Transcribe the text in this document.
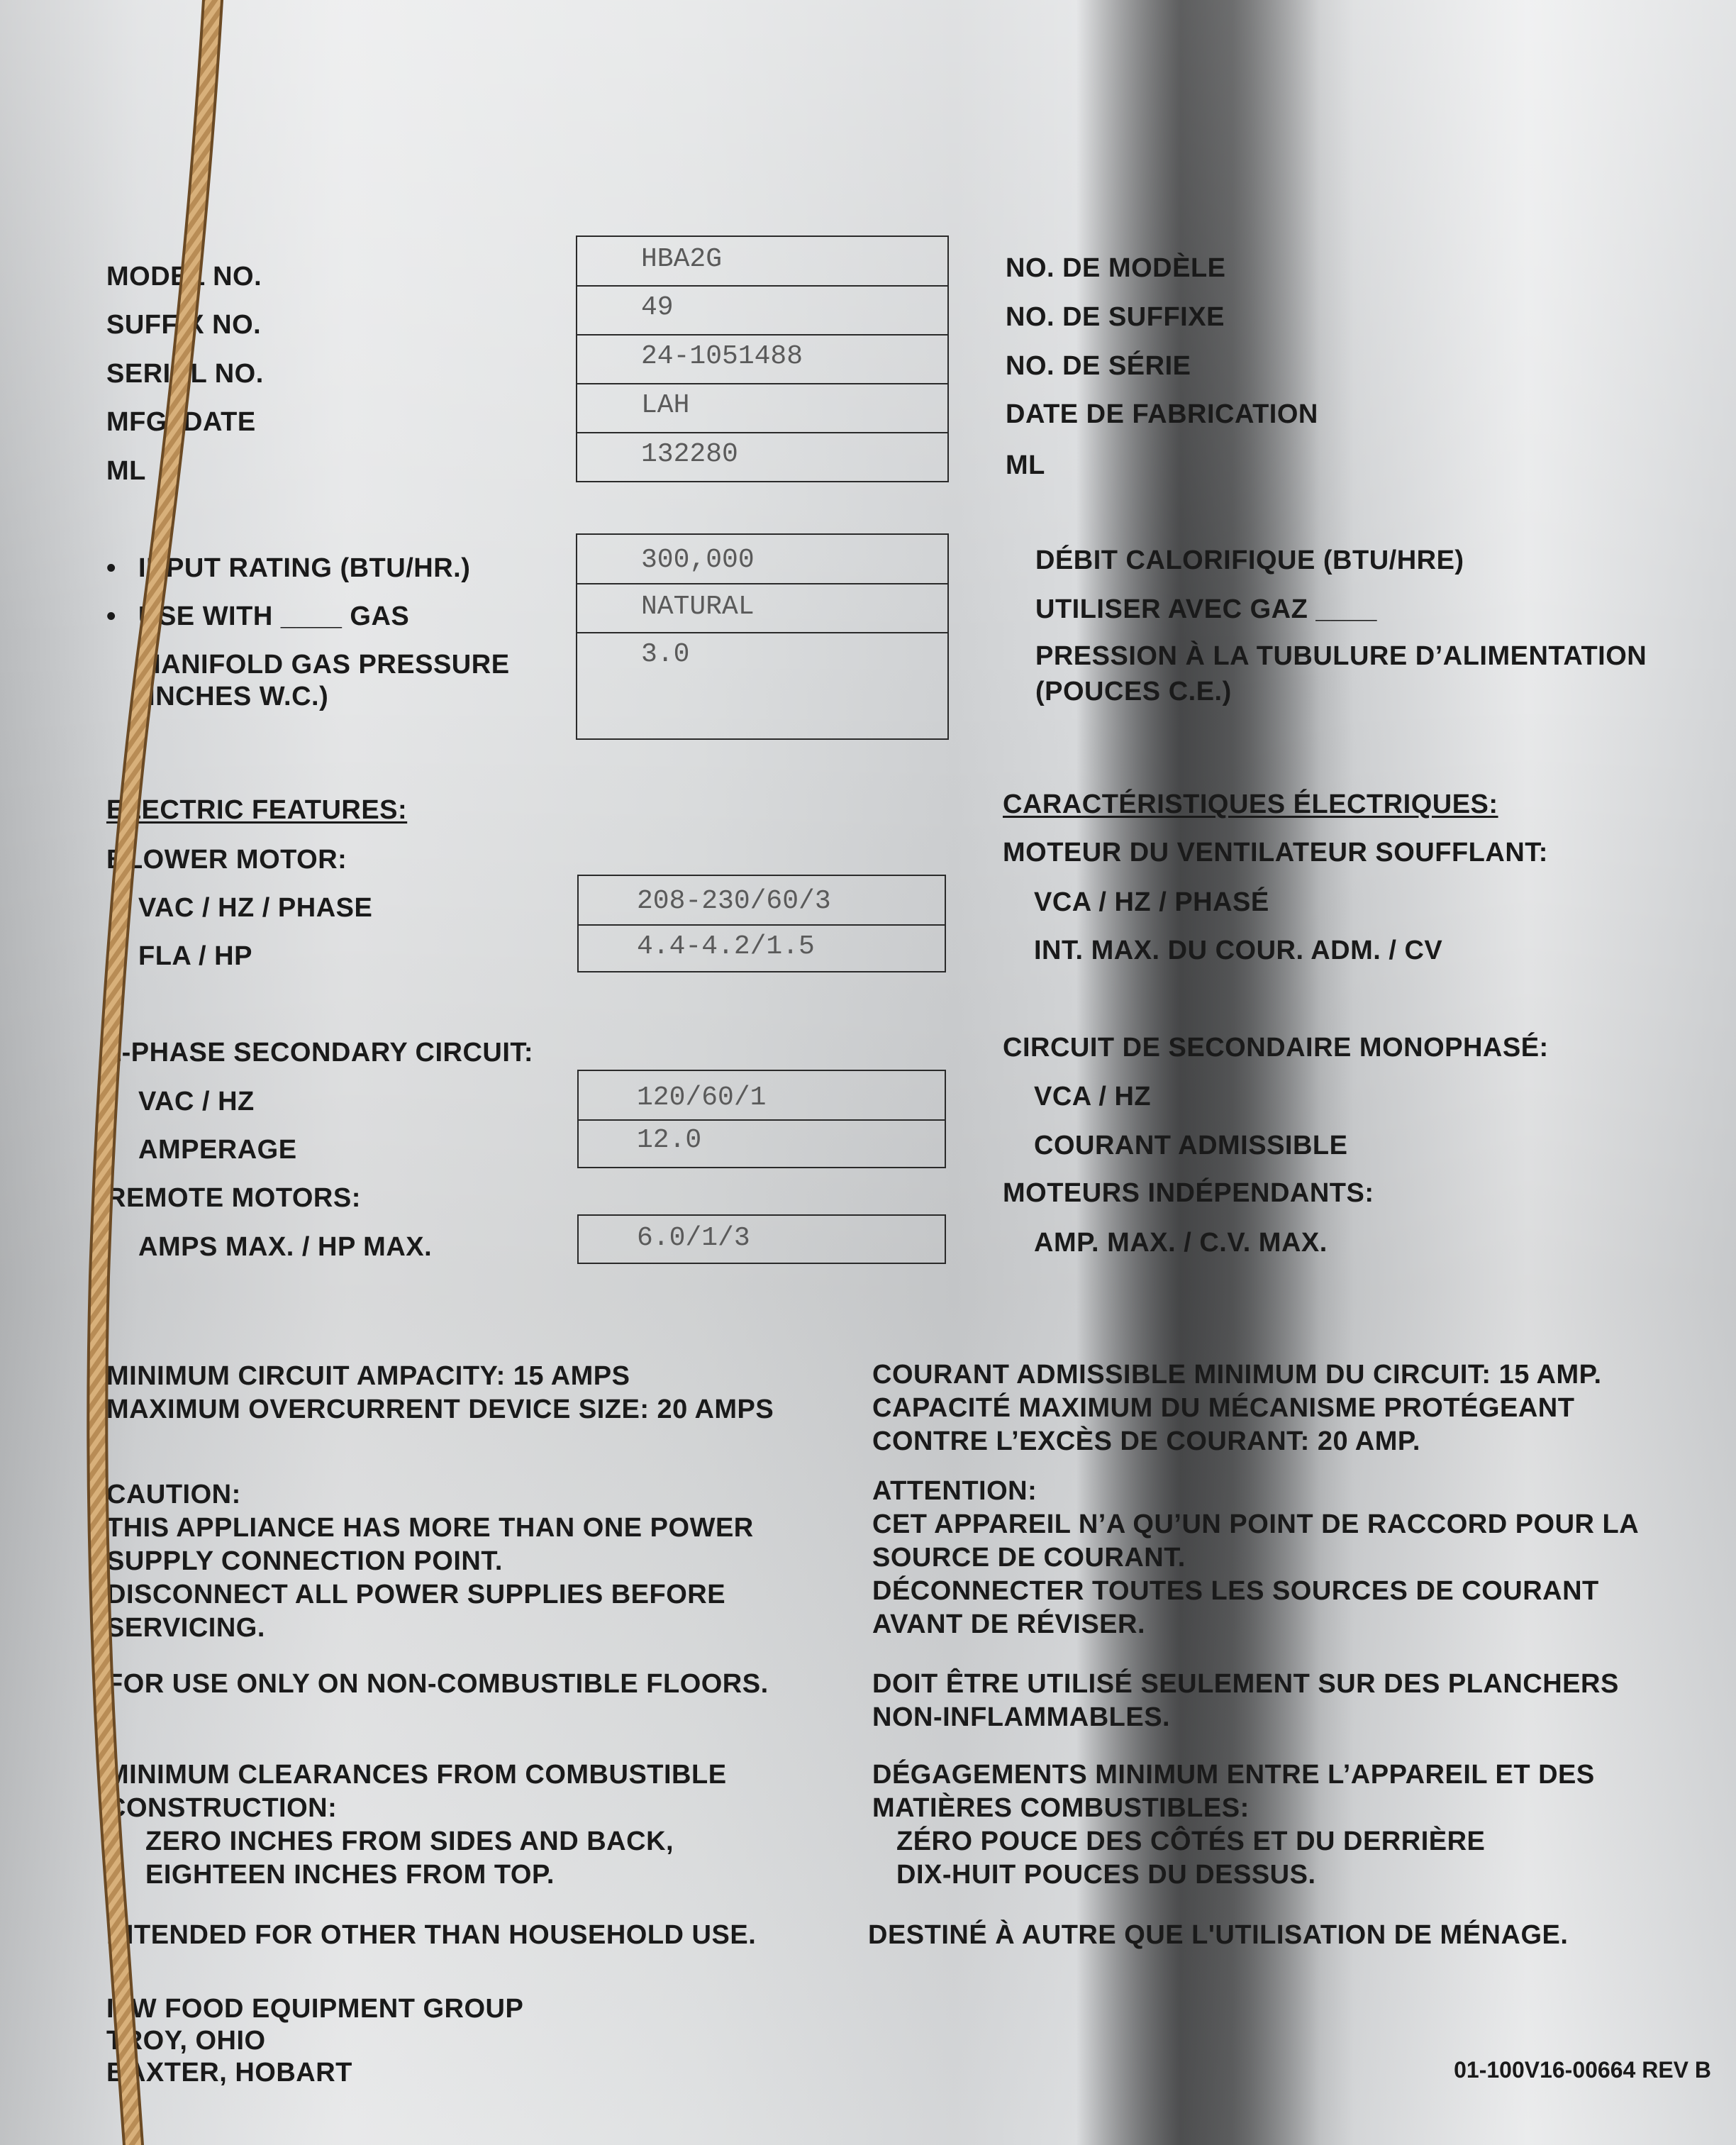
MODEL NO.
SUFFIX NO.
SERIAL NO.
MFG. DATE
ML
HBA2G
49
24-1051488
LAH
132280
NO. DE MODÈLE
NO. DE SUFFIXE
NO. DE SÉRIE
DATE DE FABRICATION
ML
• INPUT RATING (BTU/HR.)
• USE WITH ____ GAS
MANIFOLD GAS PRESSURE
(INCHES W.C.)
300,000
NATURAL
3.0
DÉBIT CALORIFIQUE (BTU/HRE)
UTILISER AVEC GAZ ____
PRESSION À LA TUBULURE D’ALIMENTATION
(POUCES C.E.)
ELECTRIC FEATURES:
BLOWER MOTOR:
VAC / HZ / PHASE
FLA / HP
208-230/60/3
4.4-4.2/1.5
CARACTÉRISTIQUES ÉLECTRIQUES:
MOTEUR DU VENTILATEUR SOUFFLANT:
VCA / HZ / PHASÉ
INT. MAX. DU COUR. ADM. / CV
1-PHASE SECONDARY CIRCUIT:
VAC / HZ
AMPERAGE
120/60/1
12.0
CIRCUIT DE SECONDAIRE MONOPHASÉ:
VCA / HZ
COURANT ADMISSIBLE
REMOTE MOTORS:
AMPS MAX. / HP MAX.	6.0/1/3
MOTEURS INDÉPENDANTS:
AMP. MAX. / C.V. MAX.
MINIMUM CIRCUIT AMPACITY: 15 AMPS
MAXIMUM OVERCURRENT DEVICE SIZE: 20 AMPS
CAUTION:
THIS APPLIANCE HAS MORE THAN ONE POWER
SUPPLY CONNECTION POINT.
DISCONNECT ALL POWER SUPPLIES BEFORE
SERVICING.
FOR USE ONLY ON NON-COMBUSTIBLE FLOORS.
MINIMUM CLEARANCES FROM COMBUSTIBLE
CONSTRUCTION:
ZERO INCHES FROM SIDES AND BACK,
EIGHTEEN INCHES FROM TOP.
INTENDED FOR OTHER THAN HOUSEHOLD USE.
ITW FOOD EQUIPMENT GROUP
TROY, OHIO
BAXTER, HOBART
COURANT ADMISSIBLE MINIMUM DU CIRCUIT: 15 AMP.
CAPACITÉ MAXIMUM DU MÉCANISME PROTÉGEANT
CONTRE L’EXCÈS DE COURANT: 20 AMP.
ATTENTION:
CET APPAREIL N’A QU’UN POINT DE RACCORD POUR LA
SOURCE DE COURANT.
DÉCONNECTER TOUTES LES SOURCES DE COURANT
AVANT DE RÉVISER.
DOIT ÊTRE UTILISÉ SEULEMENT SUR DES PLANCHERS
NON-INFLAMMABLES.
DÉGAGEMENTS MINIMUM ENTRE L’APPAREIL ET DES
MATIÈRES COMBUSTIBLES:
ZÉRO POUCE DES CÔTÉS ET DU DERRIÈRE
DIX-HUIT POUCES DU DESSUS.
DESTINÉ À AUTRE QUE L'UTILISATION DE MÉNAGE.
01-100V16-00664 REV B
